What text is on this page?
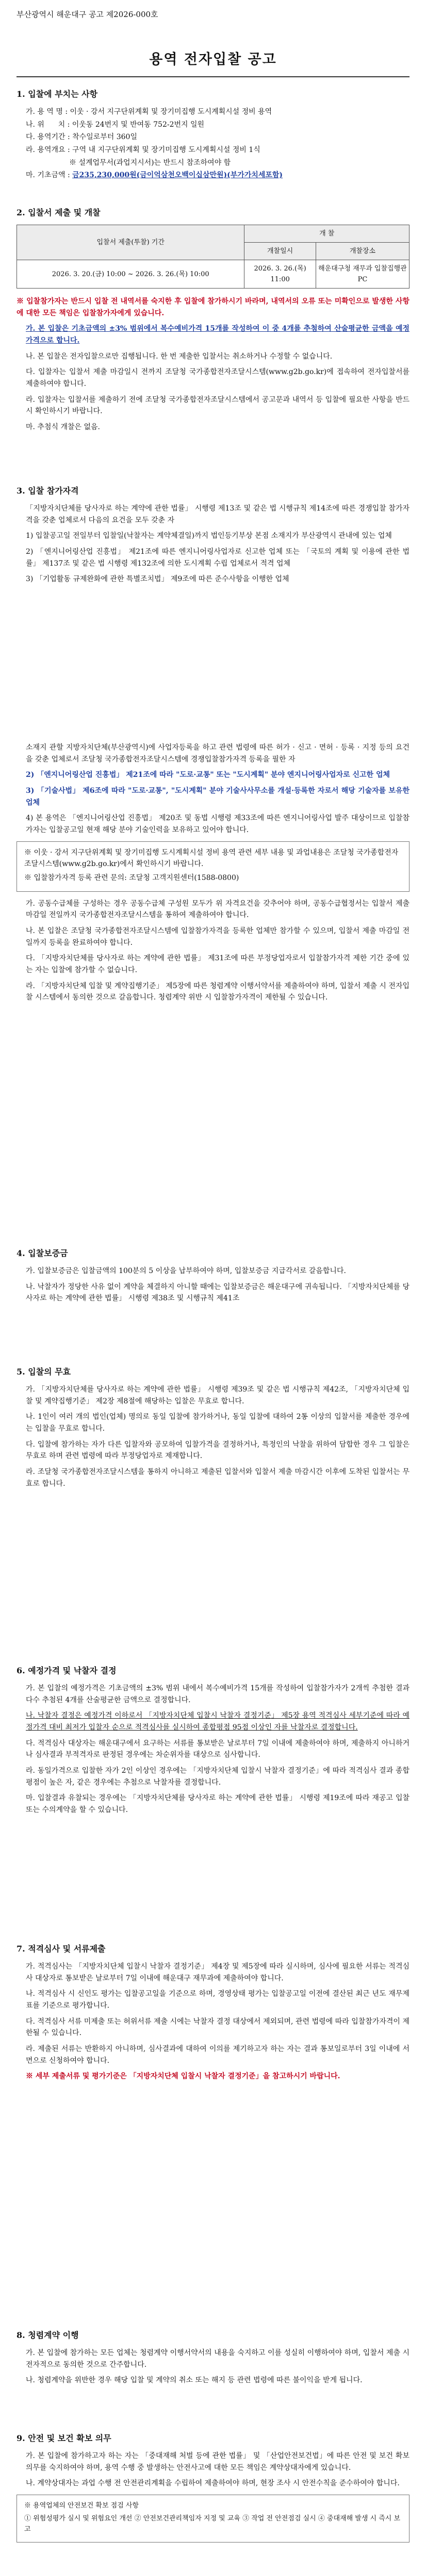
부산광역시 해운대구 공고 제2026-000호
용역 전자입찰 공고
1. 입찰에 부치는 사항
가. 용 역 명 : 이웃 · 강서 지구단위계획 및 장기미집행 도시계획시설 정비 용역
나. 위      치 : 이웃동 24번지 및 반여동 752-2번지 일원
다. 용역기간 : 착수일로부터 360일
라. 용역개요 : 구역 내 지구단위계획 및 장기미집행 도시계획시설 정비 1식
※ 설계업무서(과업지시서)는 반드시 참조하여야 함
마. 기초금액 : 금235,230,000원(금이억삼천오백이십삼만원)(부가가치세포함)
2. 입찰서 제출 및 개찰
입찰서 제출(투찰) 기간	개 찰	
	개찰일시	개찰장소
2026. 3. 20.(금) 10:00 ~ 2026. 3. 26.(목) 10:00	2026. 3. 26.(목) 11:00	해운대구청 재무과 입찰집행관 PC

※ 입찰참가자는 반드시 입찰 전 내역서를 숙지한 후 입찰에 참가하시기 바라며, 내역서의 오류 또는 미확인으로 발생한 사항에 대한 모든 책임은 입찰참가자에게 있습니다.

가. 본 입찰은 기초금액의 ±3% 범위에서 복수예비가격 15개를 작성하여 이 중 4개를 추첨하여 산술평균한 금액을 예정가격으로 합니다.

나. 본 입찰은 전자입찰으로만 집행됩니다. 한 번 제출한 입찰서는 취소하거나 수정할 수 없습니다.

다. 입찰자는 입찰서 제출 마감일시 전까지 조달청 국가종합전자조달시스템(www.g2b.go.kr)에 접속하여 전자입찰서를 제출하여야 합니다.

라. 입찰자는 입찰서를 제출하기 전에 조달청 국가종합전자조달시스템에서 공고문과 내역서 등 입찰에 필요한 사항을 반드시 확인하시기 바랍니다.

마. 추첨식 개찰은 없음.

3. 입찰 참가자격

「지방자치단체를 당사자로 하는 계약에 관한 법률」 시행령 제13조 및 같은 법 시행규칙 제14조에 따른 경쟁입찰 참가자격을 갖춘 업체로서 다음의 요건을 모두 갖춘 자

1) 입찰공고일 전일부터 입찰일(낙찰자는 계약체결일)까지 법인등기부상 본점 소재지가 부산광역시 관내에 있는 업체

2) 「엔지니어링산업 진흥법」 제21조에 따른 엔지니어링사업자로 신고한 업체 또는 「국토의 계획 및 이용에 관한 법률」 제137조 및 같은 법 시행령 제132조에 의한 도시계획 수립 업체로서 적격 업체

3) 「기업활동 규제완화에 관한 특별조치법」 제9조에 따른 준수사항을 이행한 업체

소재지 관할 지방자치단체(부산광역시)에 사업자등록을 하고 관련 법령에 따른 허가 · 신고 · 면허 · 등록 · 지정 등의 요건을 갖춘 업체로서 조달청 국가종합전자조달시스템에 경쟁입찰참가자격 등록을 필한 자

2) 「엔지니어링산업 진흥법」 제21조에 따라 "도로·교통" 또는 "도시계획" 분야 엔지니어링사업자로 신고한 업체

3) 「기술사법」 제6조에 따라 "도로·교통", "도시계획" 분야 기술사사무소를 개설·등록한 자로서 해당 기술자를 보유한 업체

4) 본 용역은 「엔지니어링산업 진흥법」 제20조 및 동법 시행령 제33조에 따른 엔지니어링사업 발주 대상이므로 입찰참가자는 입찰공고일 현재 해당 분야 기술인력을 보유하고 있어야 합니다.

※ 이웃 · 강서 지구단위계획 및 장기미집행 도시계획시설 정비 용역 관련 세부 내용 및 과업내용은 조달청 국가종합전자조달시스템(www.g2b.go.kr)에서 확인하시기 바랍니다.

※ 입찰참가자격 등록 관련 문의: 조달청 고객지원센터(1588-0800)

가. 공동수급체를 구성하는 경우 공동수급체 구성원 모두가 위 자격요건을 갖추어야 하며, 공동수급협정서는 입찰서 제출 마감일 전일까지 국가종합전자조달시스템을 통하여 제출하여야 합니다.

나. 본 입찰은 조달청 국가종합전자조달시스템에 입찰참가자격을 등록한 업체만 참가할 수 있으며, 입찰서 제출 마감일 전일까지 등록을 완료하여야 합니다.

다. 「지방자치단체를 당사자로 하는 계약에 관한 법률」 제31조에 따른 부정당업자로서 입찰참가자격 제한 기간 중에 있는 자는 입찰에 참가할 수 없습니다.

라. 「지방자치단체 입찰 및 계약집행기준」 제5장에 따른 청렴계약 이행서약서를 제출하여야 하며, 입찰서 제출 시 전자입찰 시스템에서 동의한 것으로 갈음합니다. 청렴계약 위반 시 입찰참가자격이 제한될 수 있습니다.

4. 입찰보증금

가. 입찰보증금은 입찰금액의 100분의 5 이상을 납부하여야 하며, 입찰보증금 지급각서로 갈음합니다.

나. 낙찰자가 정당한 사유 없이 계약을 체결하지 아니할 때에는 입찰보증금은 해운대구에 귀속됩니다. 「지방자치단체를 당사자로 하는 계약에 관한 법률」 시행령 제38조 및 시행규칙 제41조

5. 입찰의 무효

가. 「지방자치단체를 당사자로 하는 계약에 관한 법률」 시행령 제39조 및 같은 법 시행규칙 제42조, 「지방자치단체 입찰 및 계약집행기준」 제2장 제8절에 해당하는 입찰은 무효로 합니다.

나. 1인이 여러 개의 법인(업체) 명의로 동일 입찰에 참가하거나, 동일 입찰에 대하여 2통 이상의 입찰서를 제출한 경우에는 입찰을 무효로 합니다.

다. 입찰에 참가하는 자가 다른 입찰자와 공모하여 입찰가격을 결정하거나, 특정인의 낙찰을 위하여 담합한 경우 그 입찰은 무효로 하며 관련 법령에 따라 부정당업자로 제재합니다.

라. 조달청 국가종합전자조달시스템을 통하지 아니하고 제출된 입찰서와 입찰서 제출 마감시간 이후에 도착된 입찰서는 무효로 합니다.

6. 예정가격 및 낙찰자 결정

가. 본 입찰의 예정가격은 기초금액의 ±3% 범위 내에서 복수예비가격 15개를 작성하여 입찰참가자가 2개씩 추첨한 결과 다수 추첨된 4개를 산술평균한 금액으로 결정합니다.

나. 낙찰자 결정은 예정가격 이하로서 「지방자치단체 입찰시 낙찰자 결정기준」 제5장 용역 적격심사 세부기준에 따라 예정가격 대비 최저가 입찰자 순으로 적격심사를 실시하여 종합평점 95점 이상인 자를 낙찰자로 결정합니다.

다. 적격심사 대상자는 해운대구에서 요구하는 서류를 통보받은 날로부터 7일 이내에 제출하여야 하며, 제출하지 아니하거나 심사결과 부적격자로 판정된 경우에는 차순위자를 대상으로 심사합니다.

라. 동일가격으로 입찰한 자가 2인 이상인 경우에는 「지방자치단체 입찰시 낙찰자 결정기준」에 따라 적격심사 결과 종합평점이 높은 자, 같은 경우에는 추첨으로 낙찰자를 결정합니다.

마. 입찰결과 유찰되는 경우에는 「지방자치단체를 당사자로 하는 계약에 관한 법률」 시행령 제19조에 따라 재공고 입찰 또는 수의계약을 할 수 있습니다.

7. 적격심사 및 서류제출

가. 적격심사는 「지방자치단체 입찰시 낙찰자 결정기준」 제4장 및 제5장에 따라 실시하며, 심사에 필요한 서류는 적격심사 대상자로 통보받은 날로부터 7일 이내에 해운대구 재무과에 제출하여야 합니다.

나. 적격심사 시 신인도 평가는 입찰공고일을 기준으로 하며, 경영상태 평가는 입찰공고일 이전에 결산된 최근 년도 재무제표를 기준으로 평가합니다.

다. 적격심사 서류 미제출 또는 허위서류 제출 시에는 낙찰자 결정 대상에서 제외되며, 관련 법령에 따라 입찰참가자격이 제한될 수 있습니다.

라. 제출된 서류는 반환하지 아니하며, 심사결과에 대하여 이의를 제기하고자 하는 자는 결과 통보일로부터 3일 이내에 서면으로 신청하여야 합니다.

※ 세부 제출서류 및 평가기준은 「지방자치단체 입찰시 낙찰자 결정기준」을 참고하시기 바랍니다.

8. 청렴계약 이행

가. 본 입찰에 참가하는 모든 업체는 청렴계약 이행서약서의 내용을 숙지하고 이를 성실히 이행하여야 하며, 입찰서 제출 시 전자적으로 동의한 것으로 간주합니다.

나. 청렴계약을 위반한 경우 해당 입찰 및 계약의 취소 또는 해지 등 관련 법령에 따른 불이익을 받게 됩니다.

9. 안전 및 보건 확보 의무

가. 본 입찰에 참가하고자 하는 자는 「중대재해 처벌 등에 관한 법률」 및 「산업안전보건법」에 따른 안전 및 보건 확보 의무를 숙지하여야 하며, 용역 수행 중 발생하는 안전사고에 대한 모든 책임은 계약상대자에게 있습니다.

나. 계약상대자는 과업 수행 전 안전관리계획을 수립하여 제출하여야 하며, 현장 조사 시 안전수칙을 준수하여야 합니다.

※ 용역업체의 안전보건 확보 점검 사항

① 위험성평가 실시 및 위험요인 개선 ② 안전보건관리책임자 지정 및 교육 ③ 작업 전 안전점검 실시 ④ 중대재해 발생 시 즉시 보고
